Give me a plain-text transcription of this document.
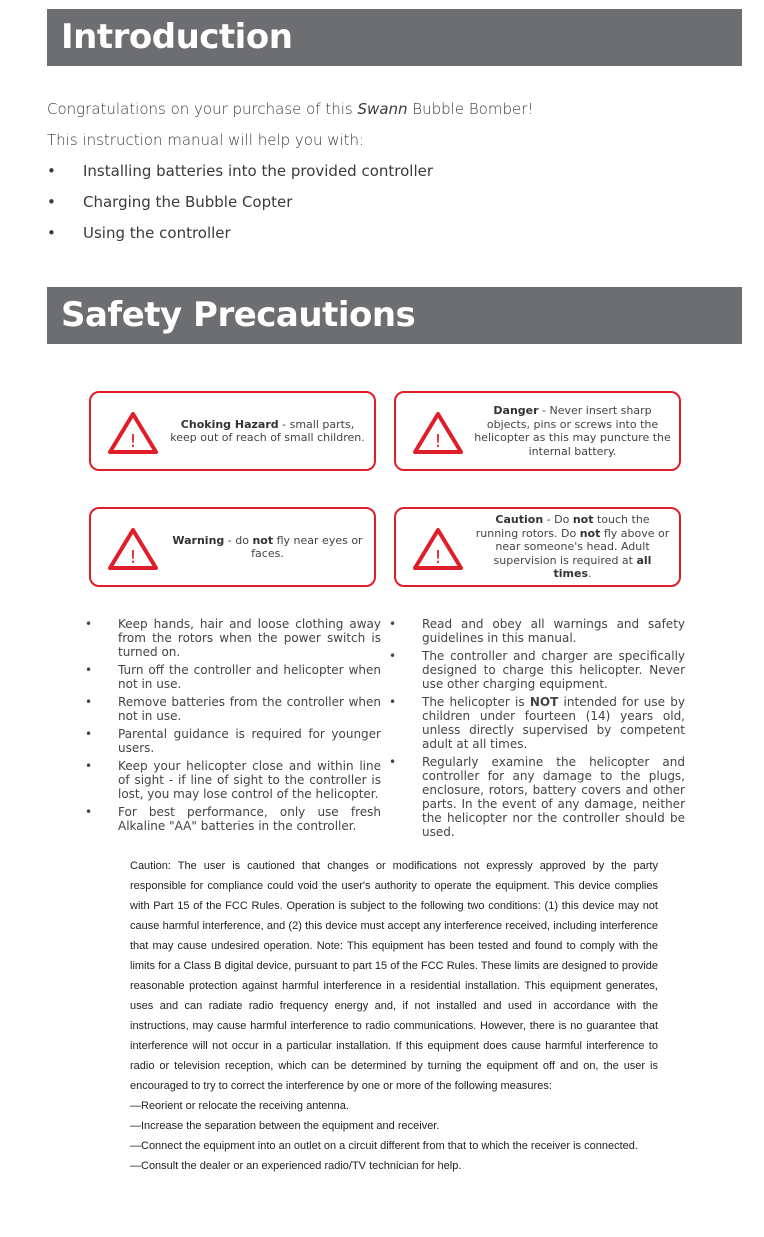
Introduction
Congratulations on your purchase of this Swann Bubble Bomber!
This instruction manual will help you with:
• Installing batteries into the provided controller
• Charging the Bubble Copter
• Using the controller
Safety Precautions
!
Choking Hazard - small parts, keep out of reach of small children.	!
Danger - Never insert sharp objects, pins or screws into the helicopter as this may puncture the internal battery.
!
Warning - do not fly near eyes or faces.	!
Caution - Do not touch the running rotors. Do not fly above or near someone's head. Adult supervision is required at all times.
• Keep hands, hair and loose clothing away from the rotors when the power switch is turned on.
• Turn off the controller and helicopter when not in use.
• Remove batteries from the controller when not in use.
• Parental guidance is required for younger users.
• Keep your helicopter close and within line of sight - if line of sight to the controller is lost, you may lose control of the helicopter.
• For best performance, only use fresh Alkaline "AA" batteries in the controller.
• Read and obey all warnings and safety guidelines in this manual.
• The controller and charger are specifically designed to charge this helicopter. Never use other charging equipment.
• The helicopter is NOT intended for use by children under fourteen (14) years old, unless directly supervised by competent adult at all times.
• Regularly examine the helicopter and controller for any damage to the plugs, enclosure, rotors, battery covers and other parts. In the event of any damage, neither the helicopter nor the controller should be used.

Caution: The user is cautioned that changes or modifications not expressly approved by the party responsible for compliance could void the user's authority to operate the equipment. This device complies with Part 15 of the FCC Rules. Operation is subject to the following two conditions: (1) this device may not cause harmful interference, and (2) this device must accept any interference received, including interference that may cause undesired operation. Note: This equipment has been tested and found to comply with the limits for a Class B digital device, pursuant to part 15 of the FCC Rules. These limits are designed to provide reasonable protection against harmful interference in a residential installation. This equipment generates, uses and can radiate radio frequency energy and, if not installed and used in accordance with the instructions, may cause harmful interference to radio communications. However, there is no guarantee that interference will not occur in a particular installation. If this equipment does cause harmful interference to radio or television reception, which can be determined by turning the equipment off and on, the user is encouraged to try to correct the interference by one or more of the following measures:

—Reorient or relocate the receiving antenna.

—Increase the separation between the equipment and receiver.

—Connect the equipment into an outlet on a circuit different from that to which the receiver is connected.

—Consult the dealer or an experienced radio/TV technician for help.
